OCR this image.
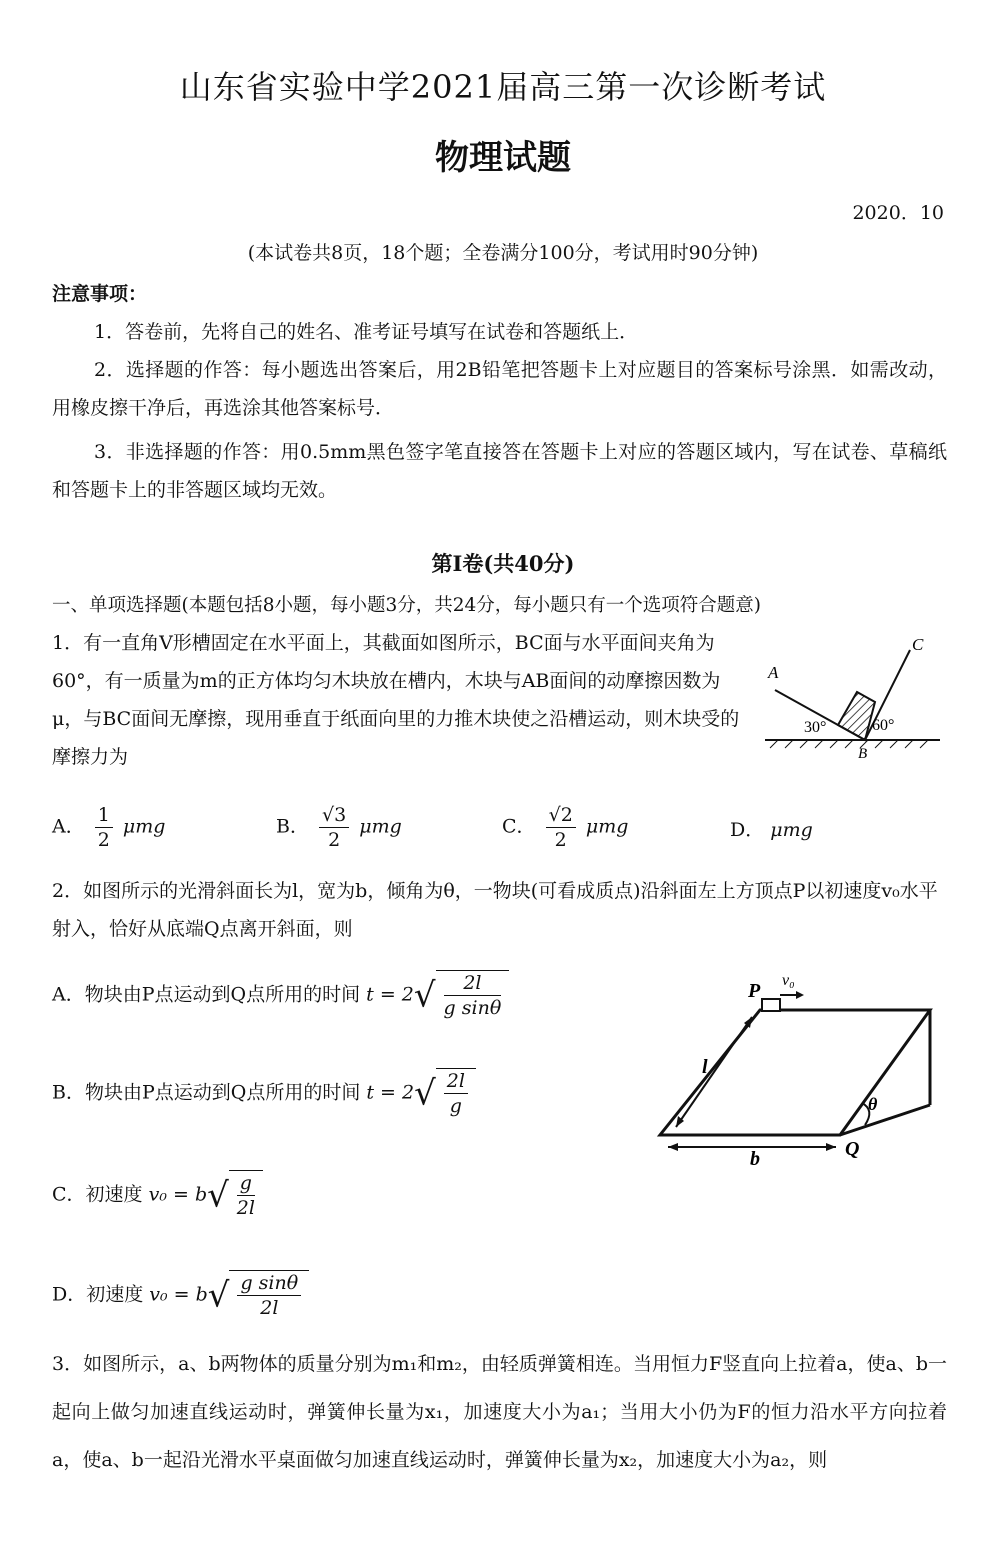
山东省实验中学2021届高三第一次诊断考试
物理试题
2020．10
(本试卷共8页，18个题；全卷满分100分，考试用时90分钟)
注意事项：
1．答卷前，先将自己的姓名、准考证号填写在试卷和答题纸上．
2．选择题的作答：每小题选出答案后，用2B铅笔把答题卡上对应题目的答案标号涂黑．如需改动，用橡皮擦干净后，再选涂其他答案标号．
3．非选择题的作答：用0.5mm黑色签字笔直接答在答题卡上对应的答题区域内，写在试卷、草稿纸和答题卡上的非答题区域均无效。
第Ⅰ卷(共40分)
一、单项选择题(本题包括8小题，每小题3分，共24分，每小题只有一个选项符合题意)
1．有一直角V形槽固定在水平面上，其截面如图所示，BC面与水平面间夹角为60°，有一质量为m的正方体均匀木块放在槽内，木块与AB面间的动摩擦因数为μ，与BC面间无摩擦，现用垂直于纸面向里的力推木块使之沿槽运动，则木块受的摩擦力为
A
C
B
30°	60°
A． $\frac{1}{2}$ μmg	B． $\frac{√3}{2}$ μmg	C． $\frac{√2}{2}$ μmg	D． μmg
2．如图所示的光滑斜面长为l，宽为b，倾角为θ，一物块(可看成质点)沿斜面左上方顶点P以初速度v₀水平射入，恰好从底端Q点离开斜面，则
A．物块由P点运动到Q点所用的时间 $t = 2√ \frac{2l}{\text{g sinθ}}$
B．物块由P点运动到Q点所用的时间 $t = 2√ \frac{2l}{g}$
C．初速度 $v_0 = b√ \frac{g}{2l}$
D．初速度 $v_0 = b√ \frac{\text{g sinθ}}{2l}$
P v₀
l
b	Q
θ
3．如图所示，a、b两物体的质量分别为m₁和m₂，由轻质弹簧相连。当用恒力F竖直向上拉着a，使a、b一起向上做匀加速直线运动时，弹簧伸长量为x₁，加速度大小为a₁；当用大小仍为F的恒力沿水平方向拉着a，使a、b一起沿光滑水平桌面做匀加速直线运动时，弹簧伸长量为x₂，加速度大小为a₂，则
